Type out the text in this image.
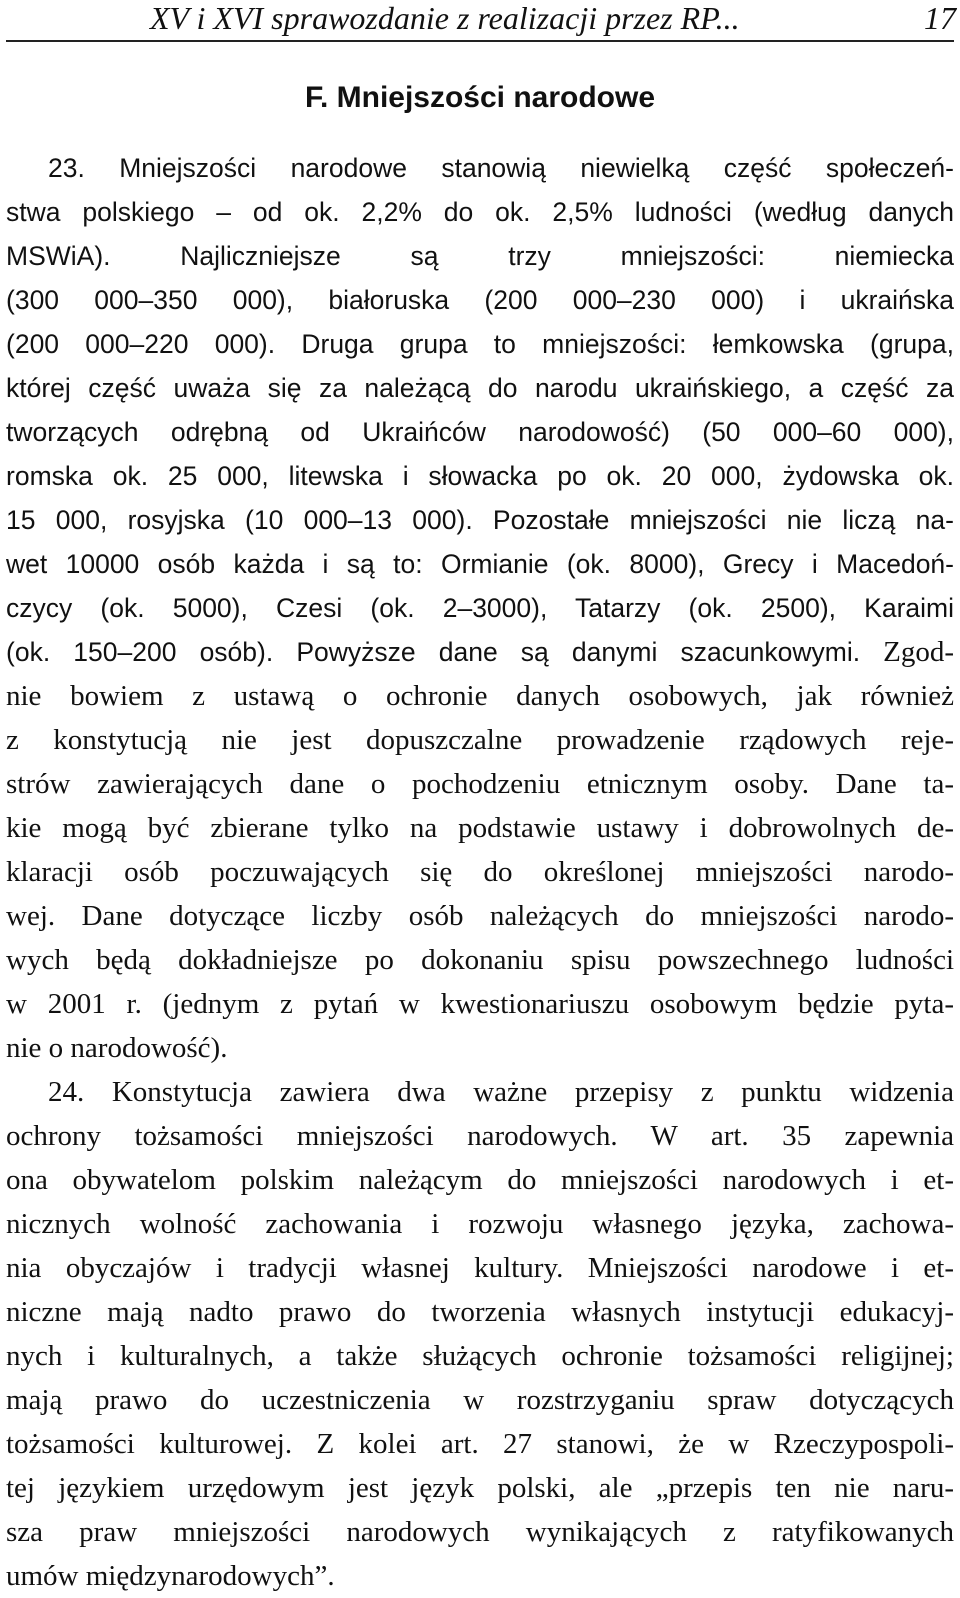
XV i XVI sprawozdanie z realizacji przez RP...	17
F. Mniejszości narodowe
23. Mniejszości narodowe stanowią niewielką część społeczeń-
stwa polskiego – od ok. 2,2% do ok. 2,5% ludności (według danych
MSWiA). Najliczniejsze są trzy mniejszości: niemiecka
(300 000–350 000), białoruska (200 000–230 000) i ukraińska
(200 000–220 000). Druga grupa to mniejszości: łemkowska (grupa,
której część uważa się za należącą do narodu ukraińskiego, a część za
tworzących odrębną od Ukraińców narodowość) (50 000–60 000),
romska ok. 25 000, litewska i słowacka po ok. 20 000, żydowska ok.
15 000, rosyjska (10 000–13 000). Pozostałe mniejszości nie liczą na-
wet 10000 osób każda i są to: Ormianie (ok. 8000), Grecy i Macedoń-
czycy (ok. 5000), Czesi (ok. 2–3000), Tatarzy (ok. 2500), Karaimi
(ok. 150–200 osób). Powyższe dane są danymi szacunkowymi. Zgod-
nie bowiem z ustawą o ochronie danych osobowych, jak również
z konstytucją nie jest dopuszczalne prowadzenie rządowych reje-
strów zawierających dane o pochodzeniu etnicznym osoby. Dane ta-
kie mogą być zbierane tylko na podstawie ustawy i dobrowolnych de-
klaracji osób poczuwających się do określonej mniejszości narodo-
wej. Dane dotyczące liczby osób należących do mniejszości narodo-
wych będą dokładniejsze po dokonaniu spisu powszechnego ludności
w 2001 r. (jednym z pytań w kwestionariuszu osobowym będzie pyta-
nie o narodowość).
24. Konstytucja zawiera dwa ważne przepisy z punktu widzenia
ochrony tożsamości mniejszości narodowych. W art. 35 zapewnia
ona obywatelom polskim należącym do mniejszości narodowych i et-
nicznych wolność zachowania i rozwoju własnego języka, zachowa-
nia obyczajów i tradycji własnej kultury. Mniejszości narodowe i et-
niczne mają nadto prawo do tworzenia własnych instytucji edukacyj-
nych i kulturalnych, a także służących ochronie tożsamości religijnej;
mają prawo do uczestniczenia w rozstrzyganiu spraw dotyczących
tożsamości kulturowej. Z kolei art. 27 stanowi, że w Rzeczypospoli-
tej językiem urzędowym jest język polski, ale „przepis ten nie naru-
sza praw mniejszości narodowych wynikających z ratyfikowanych
umów międzynarodowych”.
